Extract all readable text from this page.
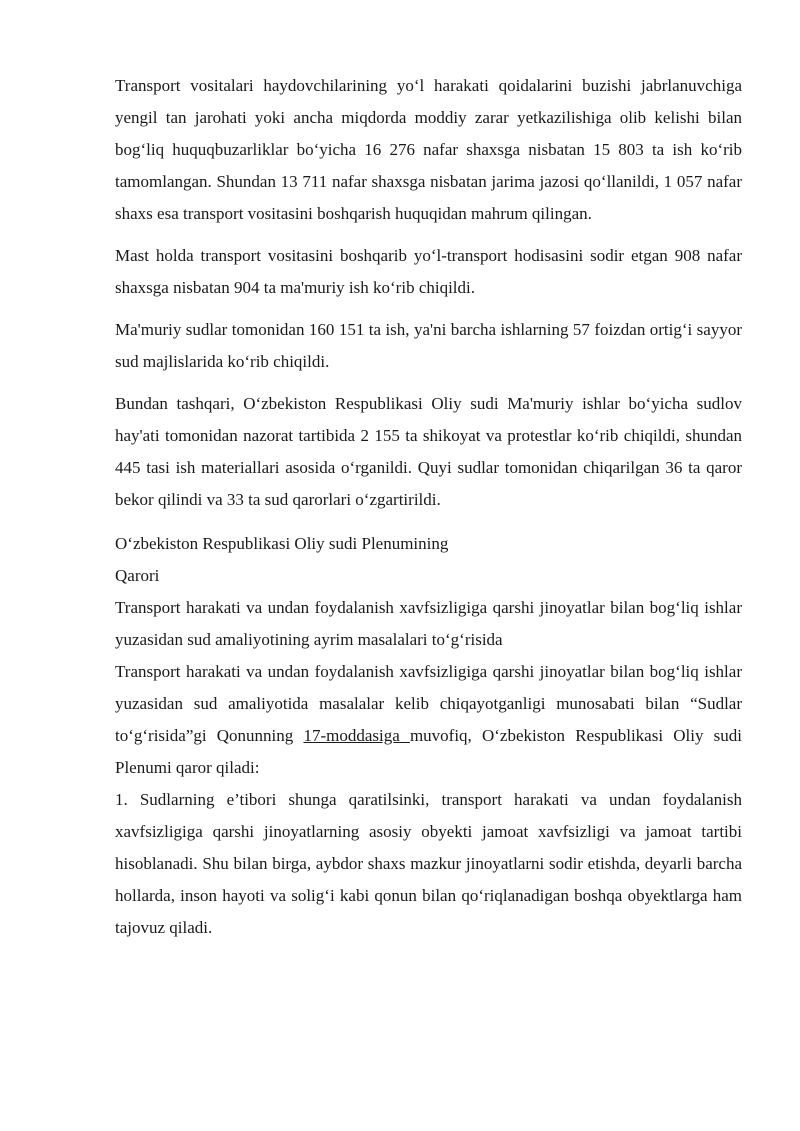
Transport vositalari haydovchilarining yo‘l harakati qoidalarini buzishi jabrlanuvchiga yengil tan jarohati yoki ancha miqdorda moddiy zarar yetkazilishiga olib kelishi bilan bog‘liq huquqbuzarliklar bo‘yicha 16 276 nafar shaxsga nisbatan 15 803 ta ish ko‘rib tamomlangan. Shundan 13 711 nafar shaxsga nisbatan jarima jazosi qo‘llanildi, 1 057 nafar shaxs esa transport vositasini boshqarish huquqidan mahrum qilingan.

Mast holda transport vositasini boshqarib yo‘l-transport hodisasini sodir etgan 908 nafar shaxsga nisbatan 904 ta ma'muriy ish ko‘rib chiqildi.

Ma'muriy sudlar tomonidan 160 151 ta ish, ya'ni barcha ishlarning 57 foizdan ortig‘i sayyor sud majlislarida ko‘rib chiqildi.

Bundan tashqari, O‘zbekiston Respublikasi Oliy sudi Ma'muriy ishlar bo‘yicha sudlov hay'ati tomonidan nazorat tartibida 2 155 ta shikoyat va protestlar ko‘rib chiqildi, shundan 445 tasi ish materiallari asosida o‘rganildi. Quyi sudlar tomonidan chiqarilgan 36 ta qaror bekor qilindi va 33 ta sud qarorlari o‘zgartirildi.

O‘zbekiston Respublikasi Oliy sudi Plenumining

Qarori

Transport harakati va undan foydalanish xavfsizligiga qarshi jinoyatlar bilan bog‘liq ishlar yuzasidan sud amaliyotining ayrim masalalari to‘g‘risida

Transport harakati va undan foydalanish xavfsizligiga qarshi jinoyatlar bilan bog‘liq ishlar yuzasidan sud amaliyotida masalalar kelib chiqayotganligi munosabati bilan “Sudlar to‘g‘risida”gi Qonunning 17-moddasiga muvofiq, O‘zbekiston Respublikasi Oliy sudi Plenumi qaror qiladi:

1. Sudlarning e’tibori shunga qaratilsinki, transport harakati va undan foydalanish xavfsizligiga qarshi jinoyatlarning asosiy obyekti jamoat xavfsizligi va jamoat tartibi hisoblanadi. Shu bilan birga, aybdor shaxs mazkur jinoyatlarni sodir etishda, deyarli barcha hollarda, inson hayoti va solig‘i kabi qonun bilan qo‘riqlanadigan boshqa obyektlarga ham tajovuz qiladi.
